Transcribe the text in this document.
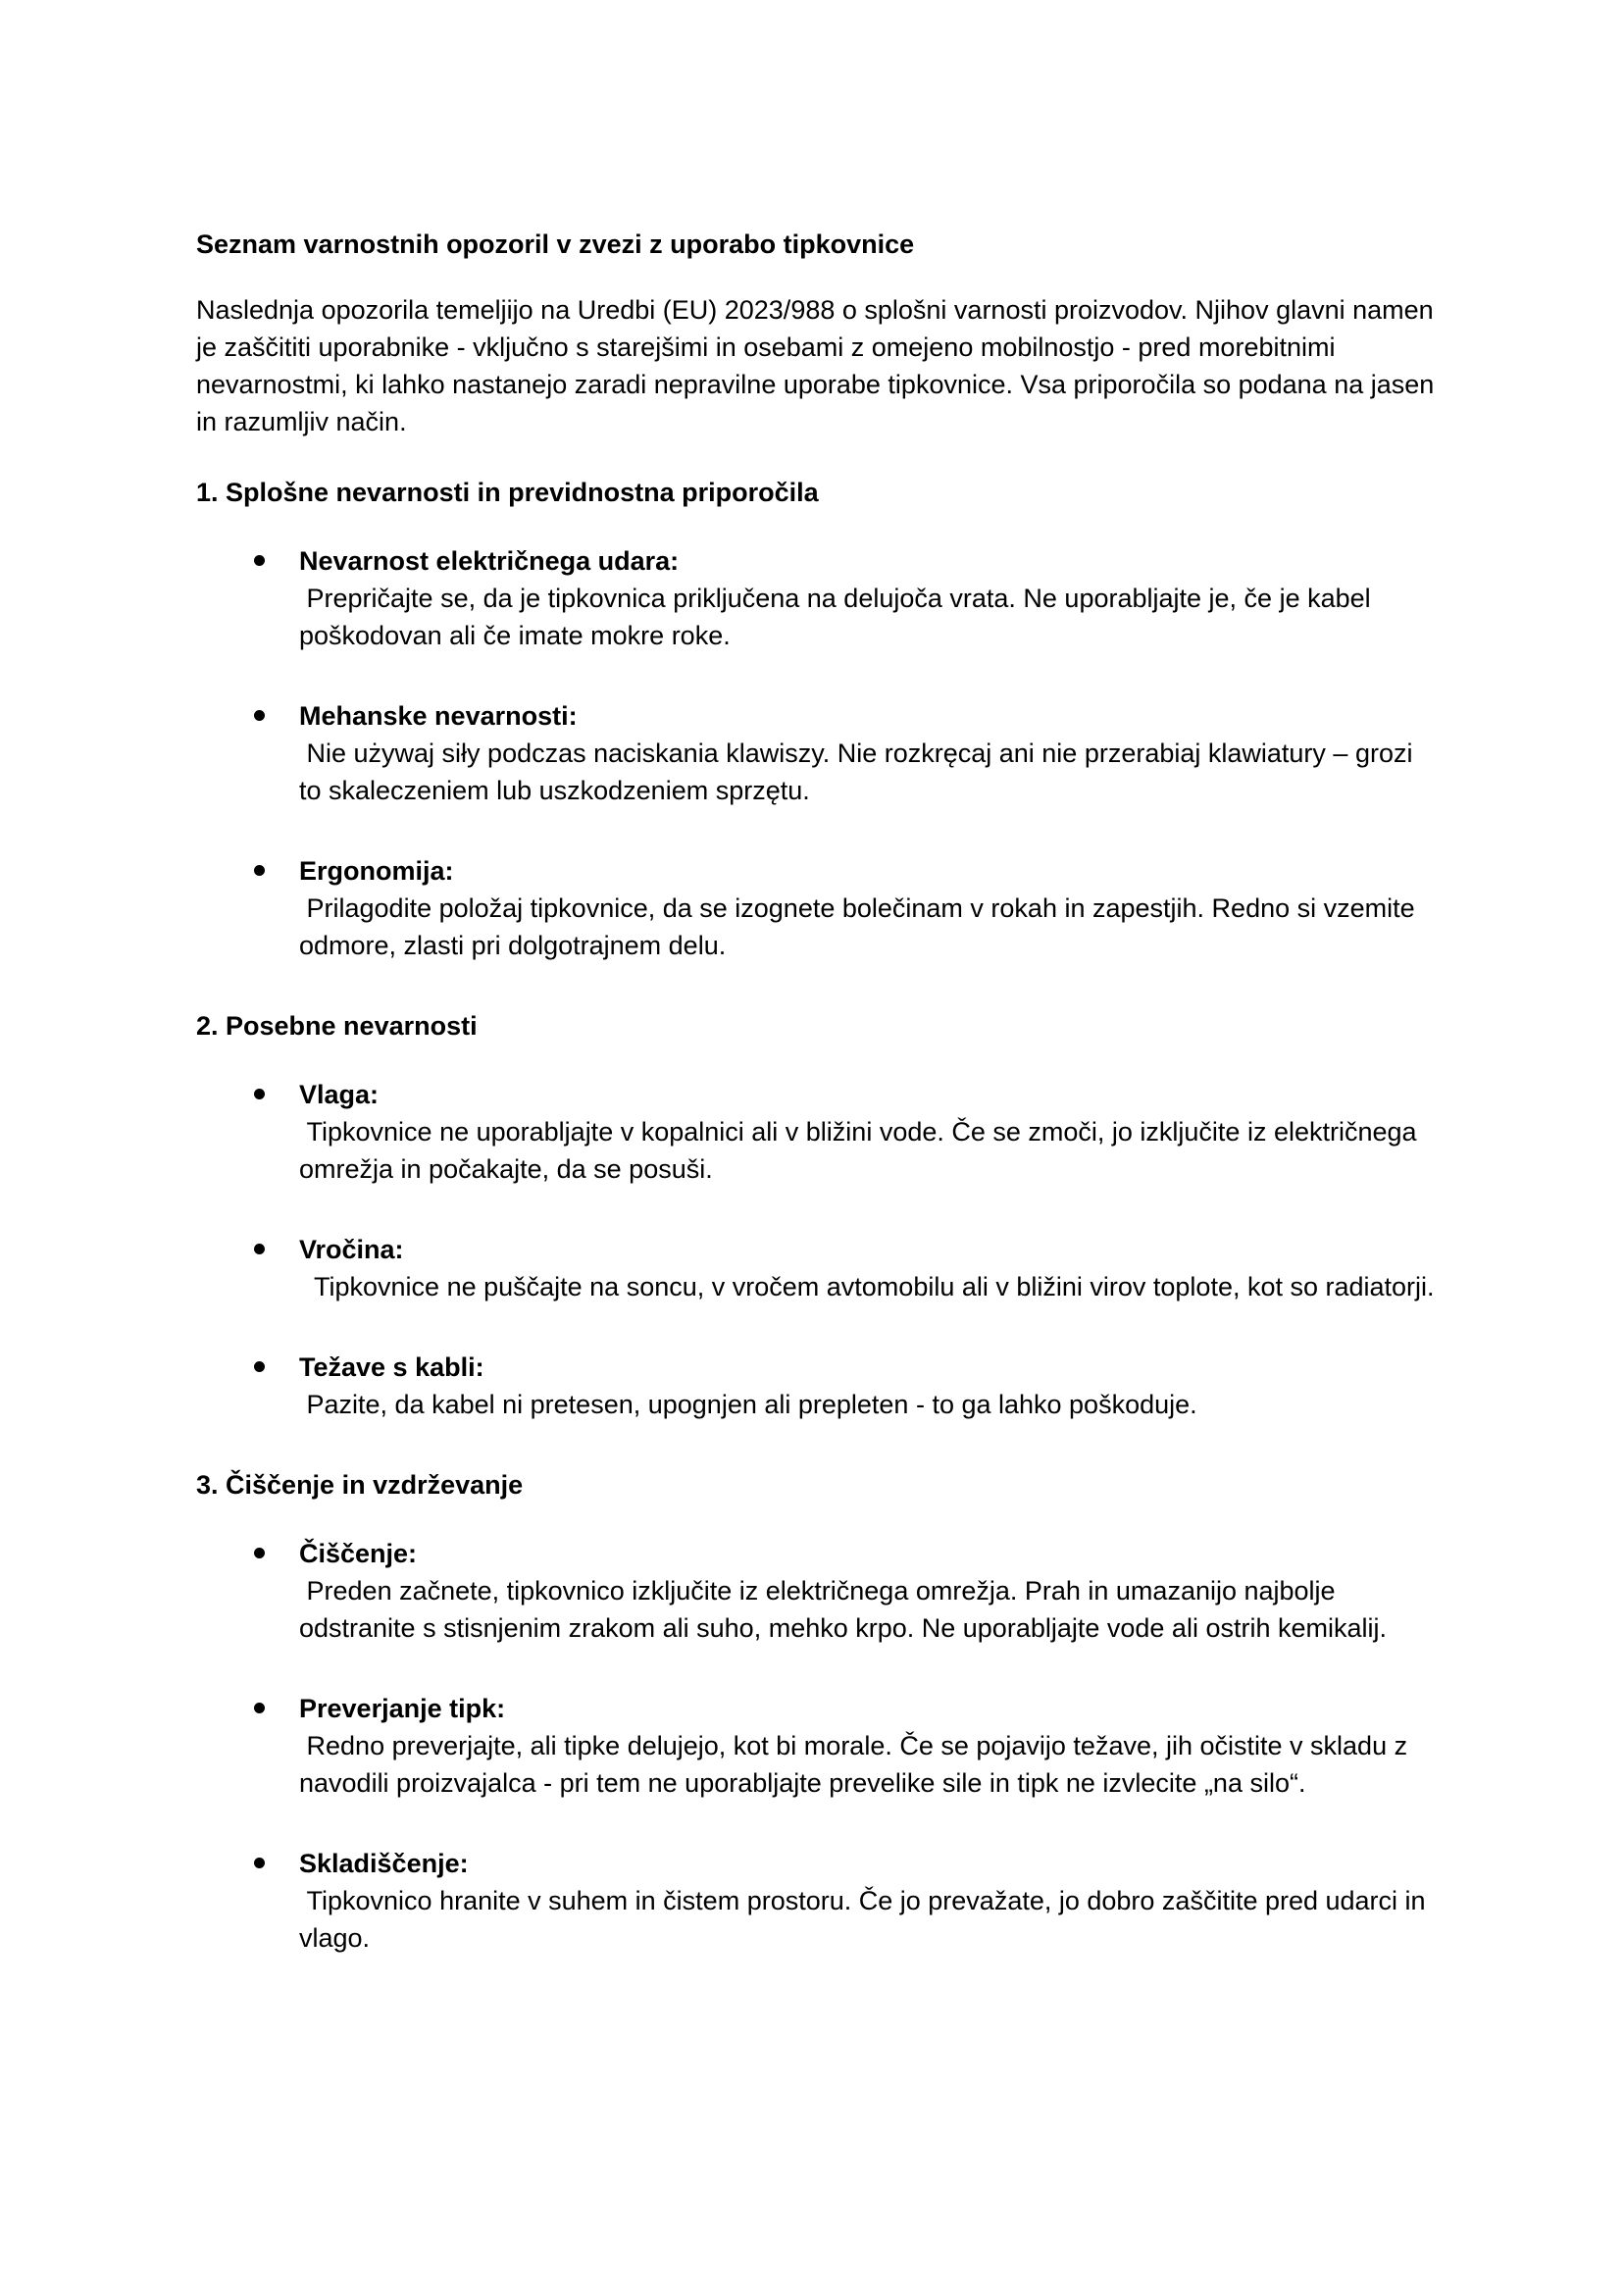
Seznam varnostnih opozoril v zvezi z uporabo tipkovnice

Naslednja opozorila temeljijo na Uredbi (EU) 2023/988 o splošni varnosti proizvodov. Njihov glavni namen je zaščititi uporabnike - vključno s starejšimi in osebami z omejeno mobilnostjo - pred morebitnimi nevarnostmi, ki lahko nastanejo zaradi nepravilne uporabe tipkovnice. Vsa priporočila so podana na jasen in razumljiv način.

1. Splošne nevarnosti in previdnostna priporočila

Nevarnost električnega udara:
Prepričajte se, da je tipkovnica priključena na delujoča vrata. Ne uporabljajte je, če je kabel poškodovan ali če imate mokre roke.
Mehanske nevarnosti:
Nie używaj siły podczas naciskania klawiszy. Nie rozkręcaj ani nie przerabiaj klawiatury – grozi to skaleczeniem lub uszkodzeniem sprzętu.
Ergonomija:
Prilagodite položaj tipkovnice, da se izognete bolečinam v rokah in zapestjih. Redno si vzemite odmore, zlasti pri dolgotrajnem delu.

2. Posebne nevarnosti

Vlaga:
Tipkovnice ne uporabljajte v kopalnici ali v bližini vode. Če se zmoči, jo izključite iz električnega omrežja in počakajte, da se posuši.
Vročina:
Tipkovnice ne puščajte na soncu, v vročem avtomobilu ali v bližini virov toplote, kot so radiatorji.
Težave s kabli:
Pazite, da kabel ni pretesen, upognjen ali prepleten - to ga lahko poškoduje.

3. Čiščenje in vzdrževanje

Čiščenje:
Preden začnete, tipkovnico izključite iz električnega omrežja. Prah in umazanijo najbolje odstranite s stisnjenim zrakom ali suho, mehko krpo. Ne uporabljajte vode ali ostrih kemikalij.
Preverjanje tipk:
Redno preverjajte, ali tipke delujejo, kot bi morale. Če se pojavijo težave, jih očistite v skladu z navodili proizvajalca - pri tem ne uporabljajte prevelike sile in tipk ne izvlecite „na silo“.
Skladiščenje:
Tipkovnico hranite v suhem in čistem prostoru. Če jo prevažate, jo dobro zaščitite pred udarci in vlago.
